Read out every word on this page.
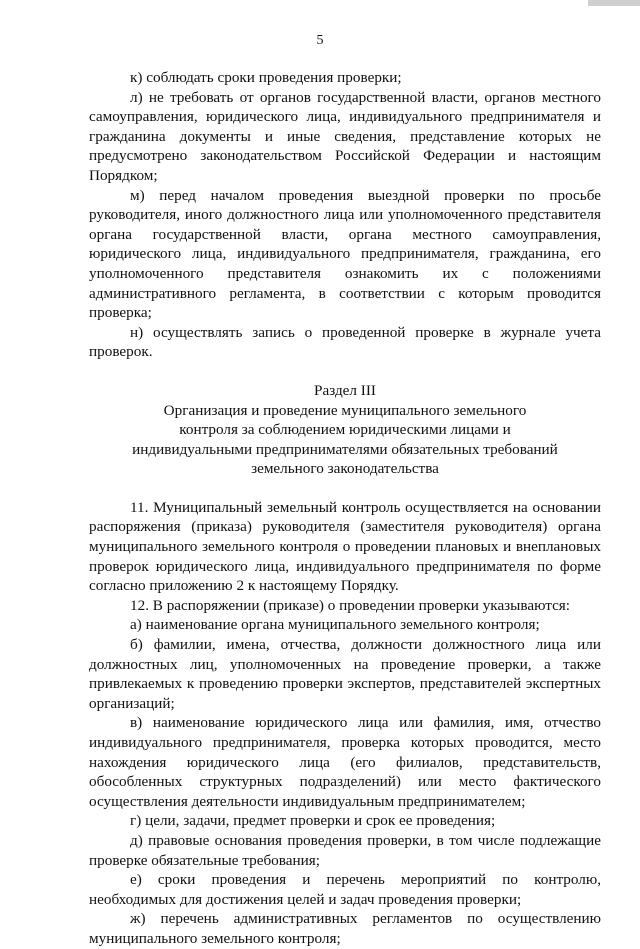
5

к) соблюдать сроки проведения проверки;

л) не требовать от органов государственной власти, органов местного самоуправления, юридического лица, индивидуального предпринимателя и гражданина документы и иные сведения, представление которых не предусмотрено законодательством Российской Федерации и настоящим Порядком;

м) перед началом проведения выездной проверки по просьбе руководителя, иного должностного лица или уполномоченного представителя органа государственной власти, органа местного самоуправления, юридического лица, индивидуального предпринимателя, гражданина, его уполномоченного представителя ознакомить их с положениями административного регламента, в соответствии с которым проводится проверка;

н) осуществлять запись о проведенной проверке в журнале учета проверок.

Раздел III

Организация и проведение муниципального земельного

контроля за соблюдением юридическими лицами и

индивидуальными предпринимателями обязательных требований

земельного законодательства

11. Муниципальный земельный контроль осуществляется на основании распоряжения (приказа) руководителя (заместителя руководителя) органа муниципального земельного контроля о проведении плановых и внеплановых проверок юридического лица, индивидуального предпринимателя по форме согласно приложению 2 к настоящему Порядку.

12. В распоряжении (приказе) о проведении проверки указываются:

а) наименование органа муниципального земельного контроля;

б) фамилии, имена, отчества, должности должностного лица или должностных лиц, уполномоченных на проведение проверки, а также привлекаемых к проведению проверки экспертов, представителей экспертных организаций;

в) наименование юридического лица или фамилия, имя, отчество индивидуального предпринимателя, проверка которых проводится, место нахождения юридического лица (его филиалов, представительств, обособленных структурных подразделений) или место фактического осуществления деятельности индивидуальным предпринимателем;

г) цели, задачи, предмет проверки и срок ее проведения;

д) правовые основания проведения проверки, в том числе подлежащие проверке обязательные требования;

е) сроки проведения и перечень мероприятий по контролю, необходимых для достижения целей и задач проведения проверки;

ж) перечень административных регламентов по осуществлению муниципального земельного контроля;
